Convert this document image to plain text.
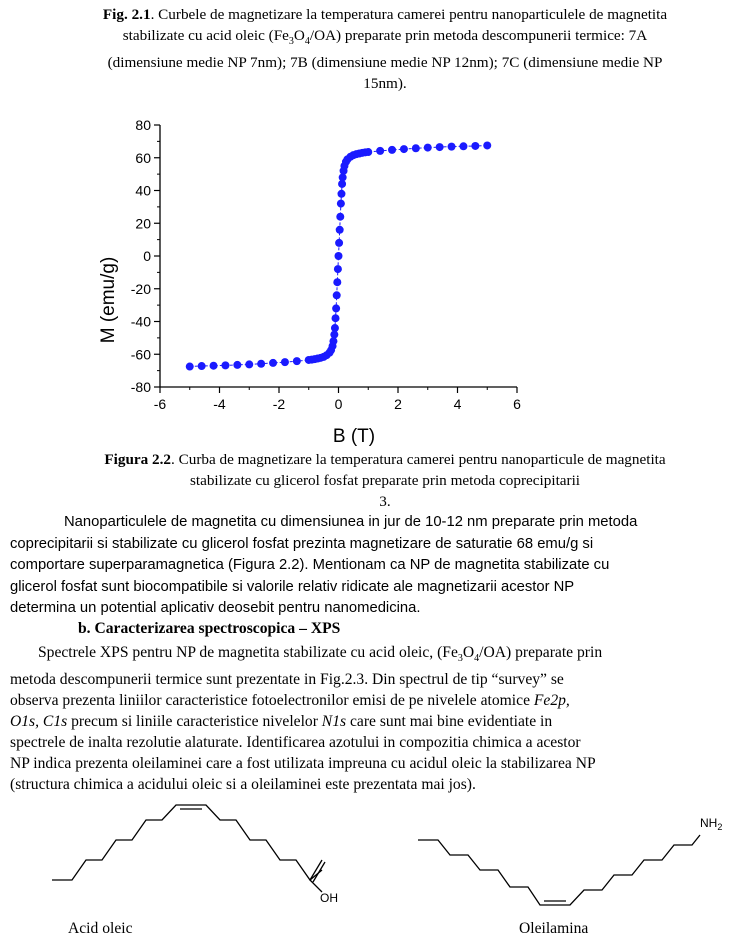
Fig. 2.1. Curbele de magnetizare la temperatura camerei pentru nanoparticulele de magnetita
stabilizate cu acid oleic $(Fe_3O_4/OA)$ preparate prin metoda descompunerii termice: 7A
(dimensiune medie NP 7nm); 7B (dimensiune medie NP 12nm); 7C (dimensiune medie NP
15nm).
80
60
40
20
0
-20
-40
-60
-80
-6	-4	-2	0	2	4	6
B (T)
M (emu/g)
Figura 2.2. Curba de magnetizare la temperatura camerei pentru nanoparticule de magnetita
stabilizate cu glicerol fosfat preparate prin metoda coprecipitarii
3.
Nanoparticulele de magnetita cu dimensiunea in jur de 10-12 nm preparate prin metoda
coprecipitarii si stabilizate cu glicerol fosfat prezinta magnetizare de saturatie 68 emu/g si
comportare superparamagnetica (Figura 2.2). Mentionam ca NP de magnetita stabilizate cu
glicerol fosfat sunt biocompatibile si valorile relativ ridicate ale magnetizarii acestor NP
determina un potential aplicativ deosebit pentru nanomedicina.
b. Caracterizarea spectroscopica – XPS
Spectrele XPS pentru NP de magnetita stabilizate cu acid oleic, $(Fe_3O_4/OA)$ preparate prin
metoda descompunerii termice sunt prezentate in Fig.2.3. Din spectrul de tip “survey” se
observa prezenta liniilor caracteristice fotoelectronilor emisi de pe nivelele atomice Fe2p,
O1s, C1s precum si liniile caracteristice nivelelor N1s care sunt mai bine evidentiate in
spectrele de inalta rezolutie alaturate. Identificarea azotului in compozitia chimica a acestor
NP indica prezenta oleilaminei care a fost utilizata impreuna cu acidul oleic la stabilizarea NP
(structura chimica a acidului oleic si a oleilaminei este prezentata mai jos).
OH
Acid oleic
$NH_2$
Oleilamina
